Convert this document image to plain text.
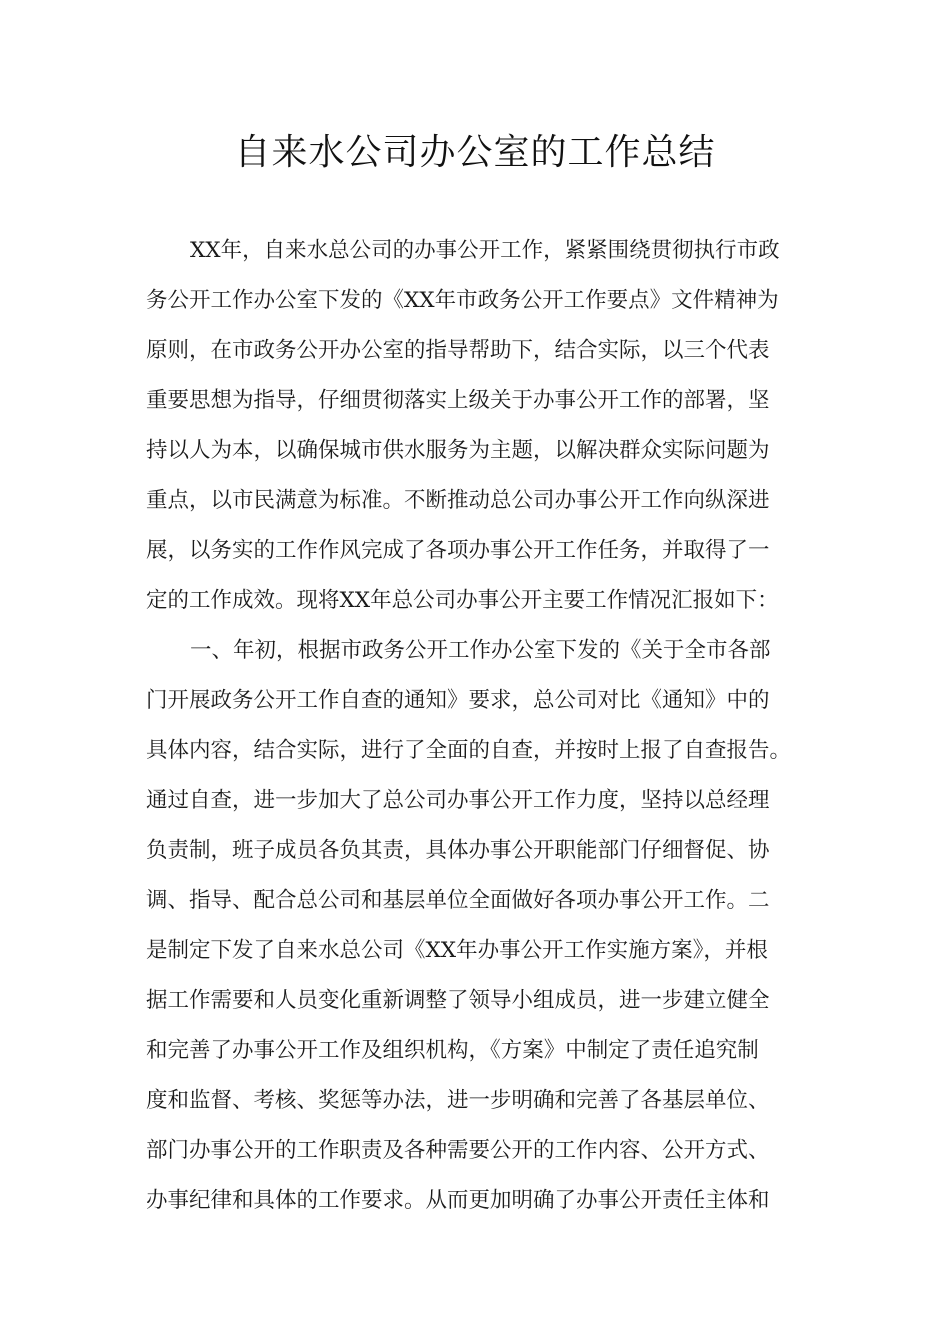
自来水公司办公室的工作总结
XX年，自来水总公司的办事公开工作，紧紧围绕贯彻执行市政
务公开工作办公室下发的《XX年市政务公开工作要点》文件精神为
原则，在市政务公开办公室的指导帮助下，结合实际，以三个代表
重要思想为指导，仔细贯彻落实上级关于办事公开工作的部署，坚
持以人为本，以确保城市供水服务为主题，以解决群众实际问题为
重点，以市民满意为标准。不断推动总公司办事公开工作向纵深进
展，以务实的工作作风完成了各项办事公开工作任务，并取得了一
定的工作成效。现将XX年总公司办事公开主要工作情况汇报如下：
一、年初，根据市政务公开工作办公室下发的《关于全市各部
门开展政务公开工作自查的通知》要求，总公司对比《通知》中的
具体内容，结合实际，进行了全面的自查，并按时上报了自查报告。
通过自查，进一步加大了总公司办事公开工作力度，坚持以总经理
负责制，班子成员各负其责，具体办事公开职能部门仔细督促、协
调、指导、配合总公司和基层单位全面做好各项办事公开工作。二
是制定下发了自来水总公司《XX年办事公开工作实施方案》，并根
据工作需要和人员变化重新调整了领导小组成员，进一步建立健全
和完善了办事公开工作及组织机构，《方案》中制定了责任追究制
度和监督、考核、奖惩等办法，进一步明确和完善了各基层单位、
部门办事公开的工作职责及各种需要公开的工作内容、公开方式、
办事纪律和具体的工作要求。从而更加明确了办事公开责任主体和
